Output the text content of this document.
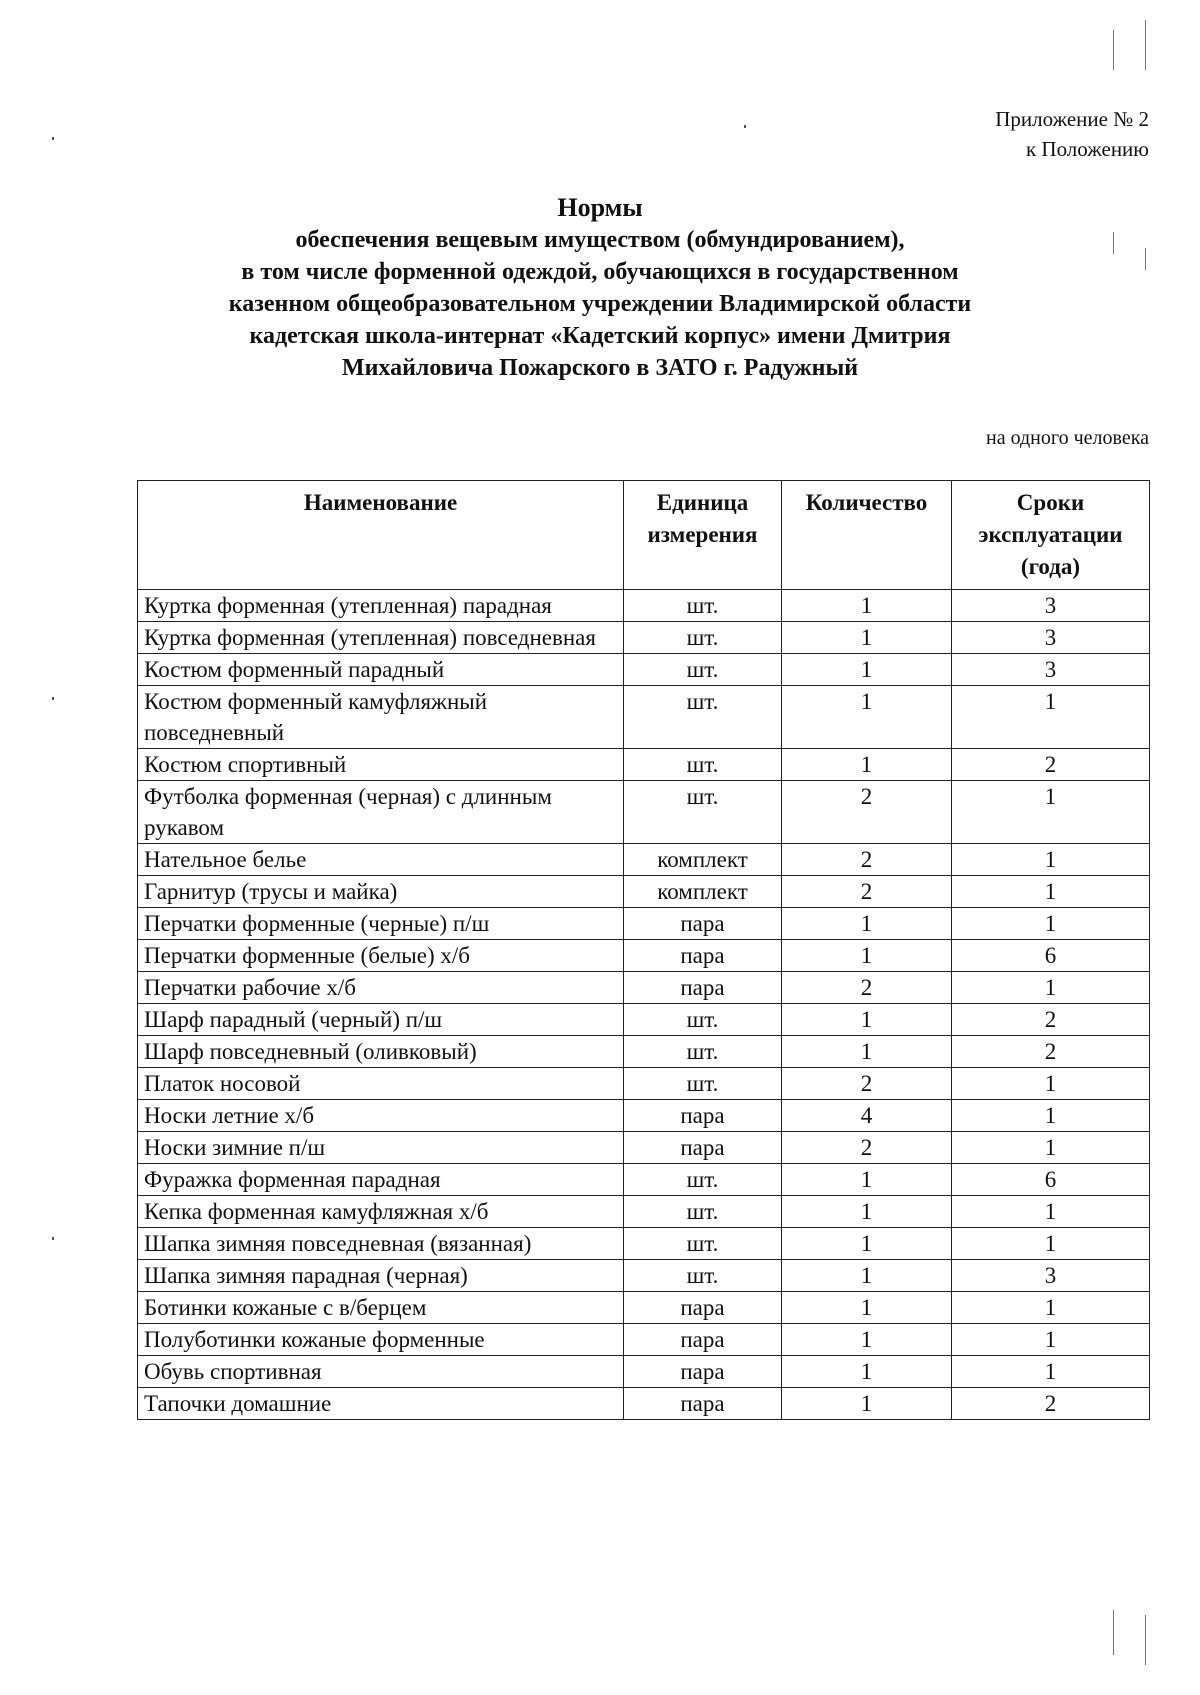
Приложение № 2
к Положению
Нормы
обеспечения вещевым имуществом (обмундированием),
в том числе форменной одеждой, обучающихся в государственном
казенном общеобразовательном учреждении Владимирской области
кадетская школа-интернат «Кадетский корпус» имени Дмитрия
Михайловича Пожарского в ЗАТО г. Радужный
на одного человека
Наименование	Единица измерения	Количество	Сроки эксплуатации (года)
Куртка форменная (утепленная) парадная	шт.	1	3
Куртка форменная (утепленная) повседневная	шт.	1	3
Костюм форменный парадный	шт.	1	3
Костюм форменный камуфляжный повседневный	шт.	1	1
Костюм спортивный	шт.	1	2
Футболка форменная (черная) с длинным рукавом	шт.	2	1
Нательное белье	комплект	2	1
Гарнитур (трусы и майка)	комплект	2	1
Перчатки форменные (черные) п/ш	пара	1	1
Перчатки форменные (белые) х/б	пара	1	6
Перчатки рабочие х/б	пара	2	1
Шарф парадный (черный) п/ш	шт.	1	2
Шарф повседневный (оливковый)	шт.	1	2
Платок носовой	шт.	2	1
Носки летние х/б	пара	4	1
Носки зимние п/ш	пара	2	1
Фуражка форменная парадная	шт.	1	6
Кепка форменная камуфляжная х/б	шт.	1	1
Шапка зимняя повседневная (вязанная)	шт.	1	1
Шапка зимняя парадная (черная)	шт.	1	3
Ботинки кожаные с в/берцем	пара	1	1
Полуботинки кожаные форменные	пара	1	1
Обувь спортивная	пара	1	1
Тапочки домашние	пара	1	2
